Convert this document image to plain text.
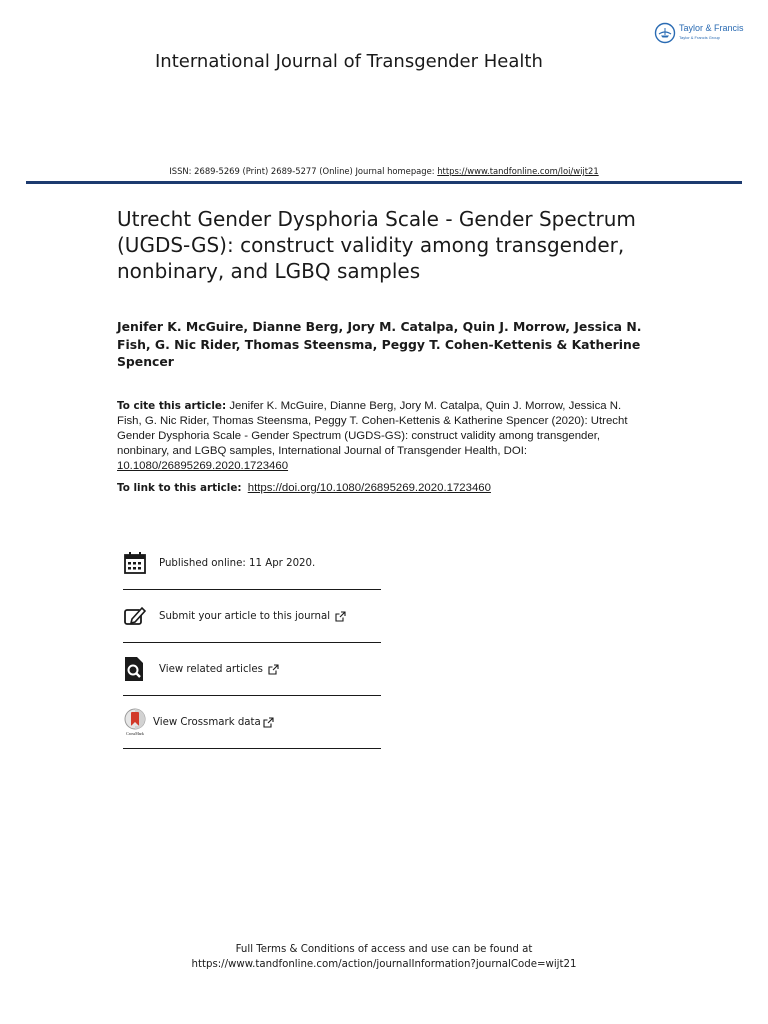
Taylor & Francis
Taylor & Francis Group
International Journal of Transgender Health
ISSN: 2689-5269 (Print) 2689-5277 (Online) Journal homepage: https://www.tandfonline.com/loi/wijt21
Utrecht Gender Dysphoria Scale - Gender Spectrum (UGDS-GS): construct validity among transgender, nonbinary, and LGBQ samples

Jenifer K. McGuire, Dianne Berg, Jory M. Catalpa, Quin J. Morrow, Jessica N. Fish, G. Nic Rider, Thomas Steensma, Peggy T. Cohen-Kettenis & Katherine Spencer

To cite this article: Jenifer K. McGuire, Dianne Berg, Jory M. Catalpa, Quin J. Morrow, Jessica N. Fish, G. Nic Rider, Thomas Steensma, Peggy T. Cohen-Kettenis & Katherine Spencer (2020): Utrecht Gender Dysphoria Scale - Gender Spectrum (UGDS-GS): construct validity among transgender, nonbinary, and LGBQ samples, International Journal of Transgender Health, DOI: 10.1080/26895269.2020.1723460

To link to this article: https://doi.org/10.1080/26895269.2020.1723460
Published online: 11 Apr 2020.
Submit your article to this journal
View related articles
CrossMark
View Crossmark data
Full Terms & Conditions of access and use can be found at
https://www.tandfonline.com/action/journalInformation?journalCode=wijt21
